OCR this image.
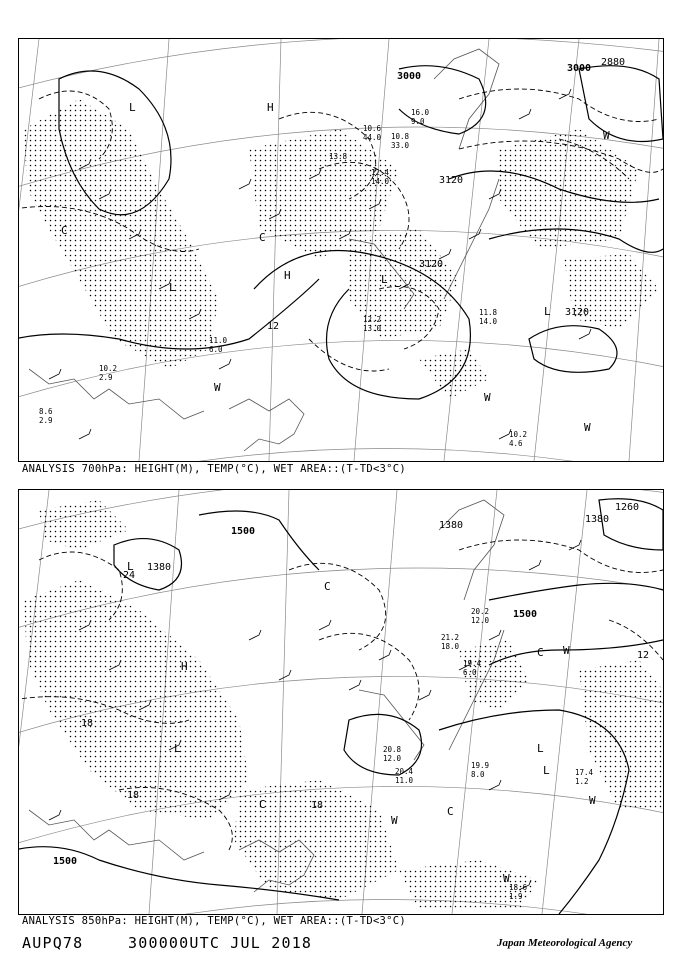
3000
3000
2880
3120
3120
3120
L	H
L
H	L
L
C
C
W
W
W
W
11.8
14.0
12.2
13.0
10.2
4.6
10.6
44.0
13.8
10.2
2.9
11.0
6.0
12
8.6
2.9
12.4
14.0
16.0
9.0
10.8
33.0
ANALYSIS 700hPa: HEIGHT(M), TEMP(°C), WET AREA::(T-TD<3°C)
1500
1500
1500
1380
1380
1380
1260
L
H
L	L
L
C
C
C
C
W
W
W
W
24
18
18
18
12
19.9
8.0	17.4
1.2
18.6
1.9
20.8
12.0
20.4
11.0
21.2
18.0
20.2
12.0
19.4
6.0
ANALYSIS 850hPa: HEIGHT(M), TEMP(°C), WET AREA::(T-TD<3°C)
AUPQ78	300000UTC JUL 2018	Japan Meteorological Agency
